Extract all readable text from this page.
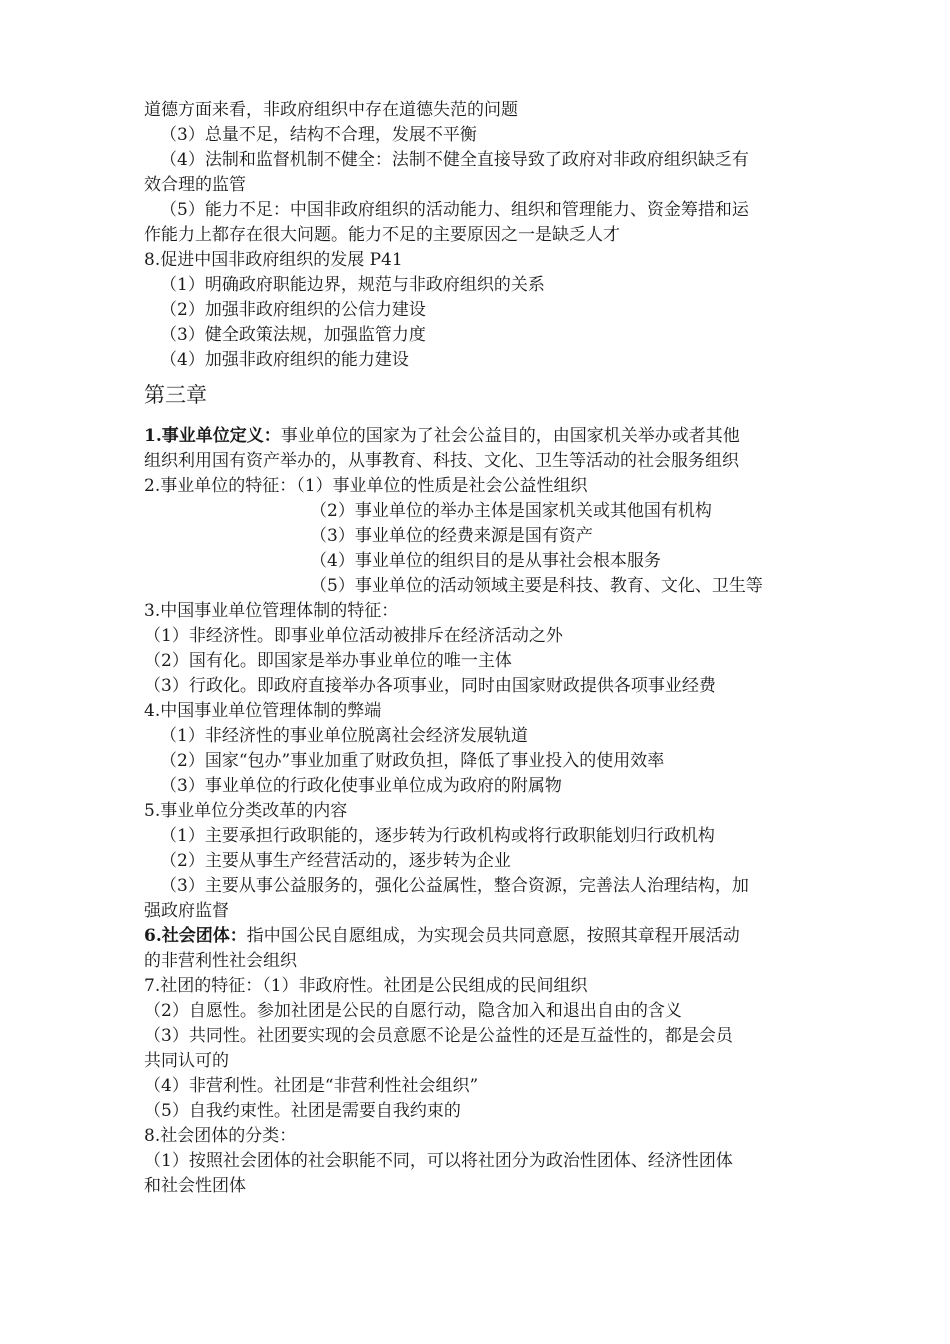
道德方面来看，非政府组织中存在道德失范的问题
（3）总量不足，结构不合理，发展不平衡
（4）法制和监督机制不健全：法制不健全直接导致了政府对非政府组织缺乏有
效合理的监管
（5）能力不足：中国非政府组织的活动能力、组织和管理能力、资金筹措和运
作能力上都存在很大问题。能力不足的主要原因之一是缺乏人才
8.促进中国非政府组织的发展 P41
（1）明确政府职能边界，规范与非政府组织的关系
（2）加强非政府组织的公信力建设
（3）健全政策法规，加强监管力度
（4）加强非政府组织的能力建设
第三章
1.事业单位定义：事业单位的国家为了社会公益目的，由国家机关举办或者其他
组织利用国有资产举办的，从事教育、科技、文化、卫生等活动的社会服务组织
2.事业单位的特征：（1）事业单位的性质是社会公益性组织
（2）事业单位的举办主体是国家机关或其他国有机构
（3）事业单位的经费来源是国有资产
（4）事业单位的组织目的是从事社会根本服务
（5）事业单位的活动领域主要是科技、教育、文化、卫生等
3.中国事业单位管理体制的特征：
（1）非经济性。即事业单位活动被排斥在经济活动之外
（2）国有化。即国家是举办事业单位的唯一主体
（3）行政化。即政府直接举办各项事业，同时由国家财政提供各项事业经费
4.中国事业单位管理体制的弊端
（1）非经济性的事业单位脱离社会经济发展轨道
（2）国家“包办”事业加重了财政负担，降低了事业投入的使用效率
（3）事业单位的行政化使事业单位成为政府的附属物
5.事业单位分类改革的内容
（1）主要承担行政职能的，逐步转为行政机构或将行政职能划归行政机构
（2）主要从事生产经营活动的，逐步转为企业
（3）主要从事公益服务的，强化公益属性，整合资源，完善法人治理结构，加
强政府监督
6.社会团体：指中国公民自愿组成，为实现会员共同意愿，按照其章程开展活动
的非营利性社会组织
7.社团的特征：（1）非政府性。社团是公民组成的民间组织
（2）自愿性。参加社团是公民的自愿行动，隐含加入和退出自由的含义
（3）共同性。社团要实现的会员意愿不论是公益性的还是互益性的，都是会员
共同认可的
（4）非营利性。社团是“非营利性社会组织”
（5）自我约束性。社团是需要自我约束的
8.社会团体的分类：
（1）按照社会团体的社会职能不同，可以将社团分为政治性团体、经济性团体
和社会性团体
